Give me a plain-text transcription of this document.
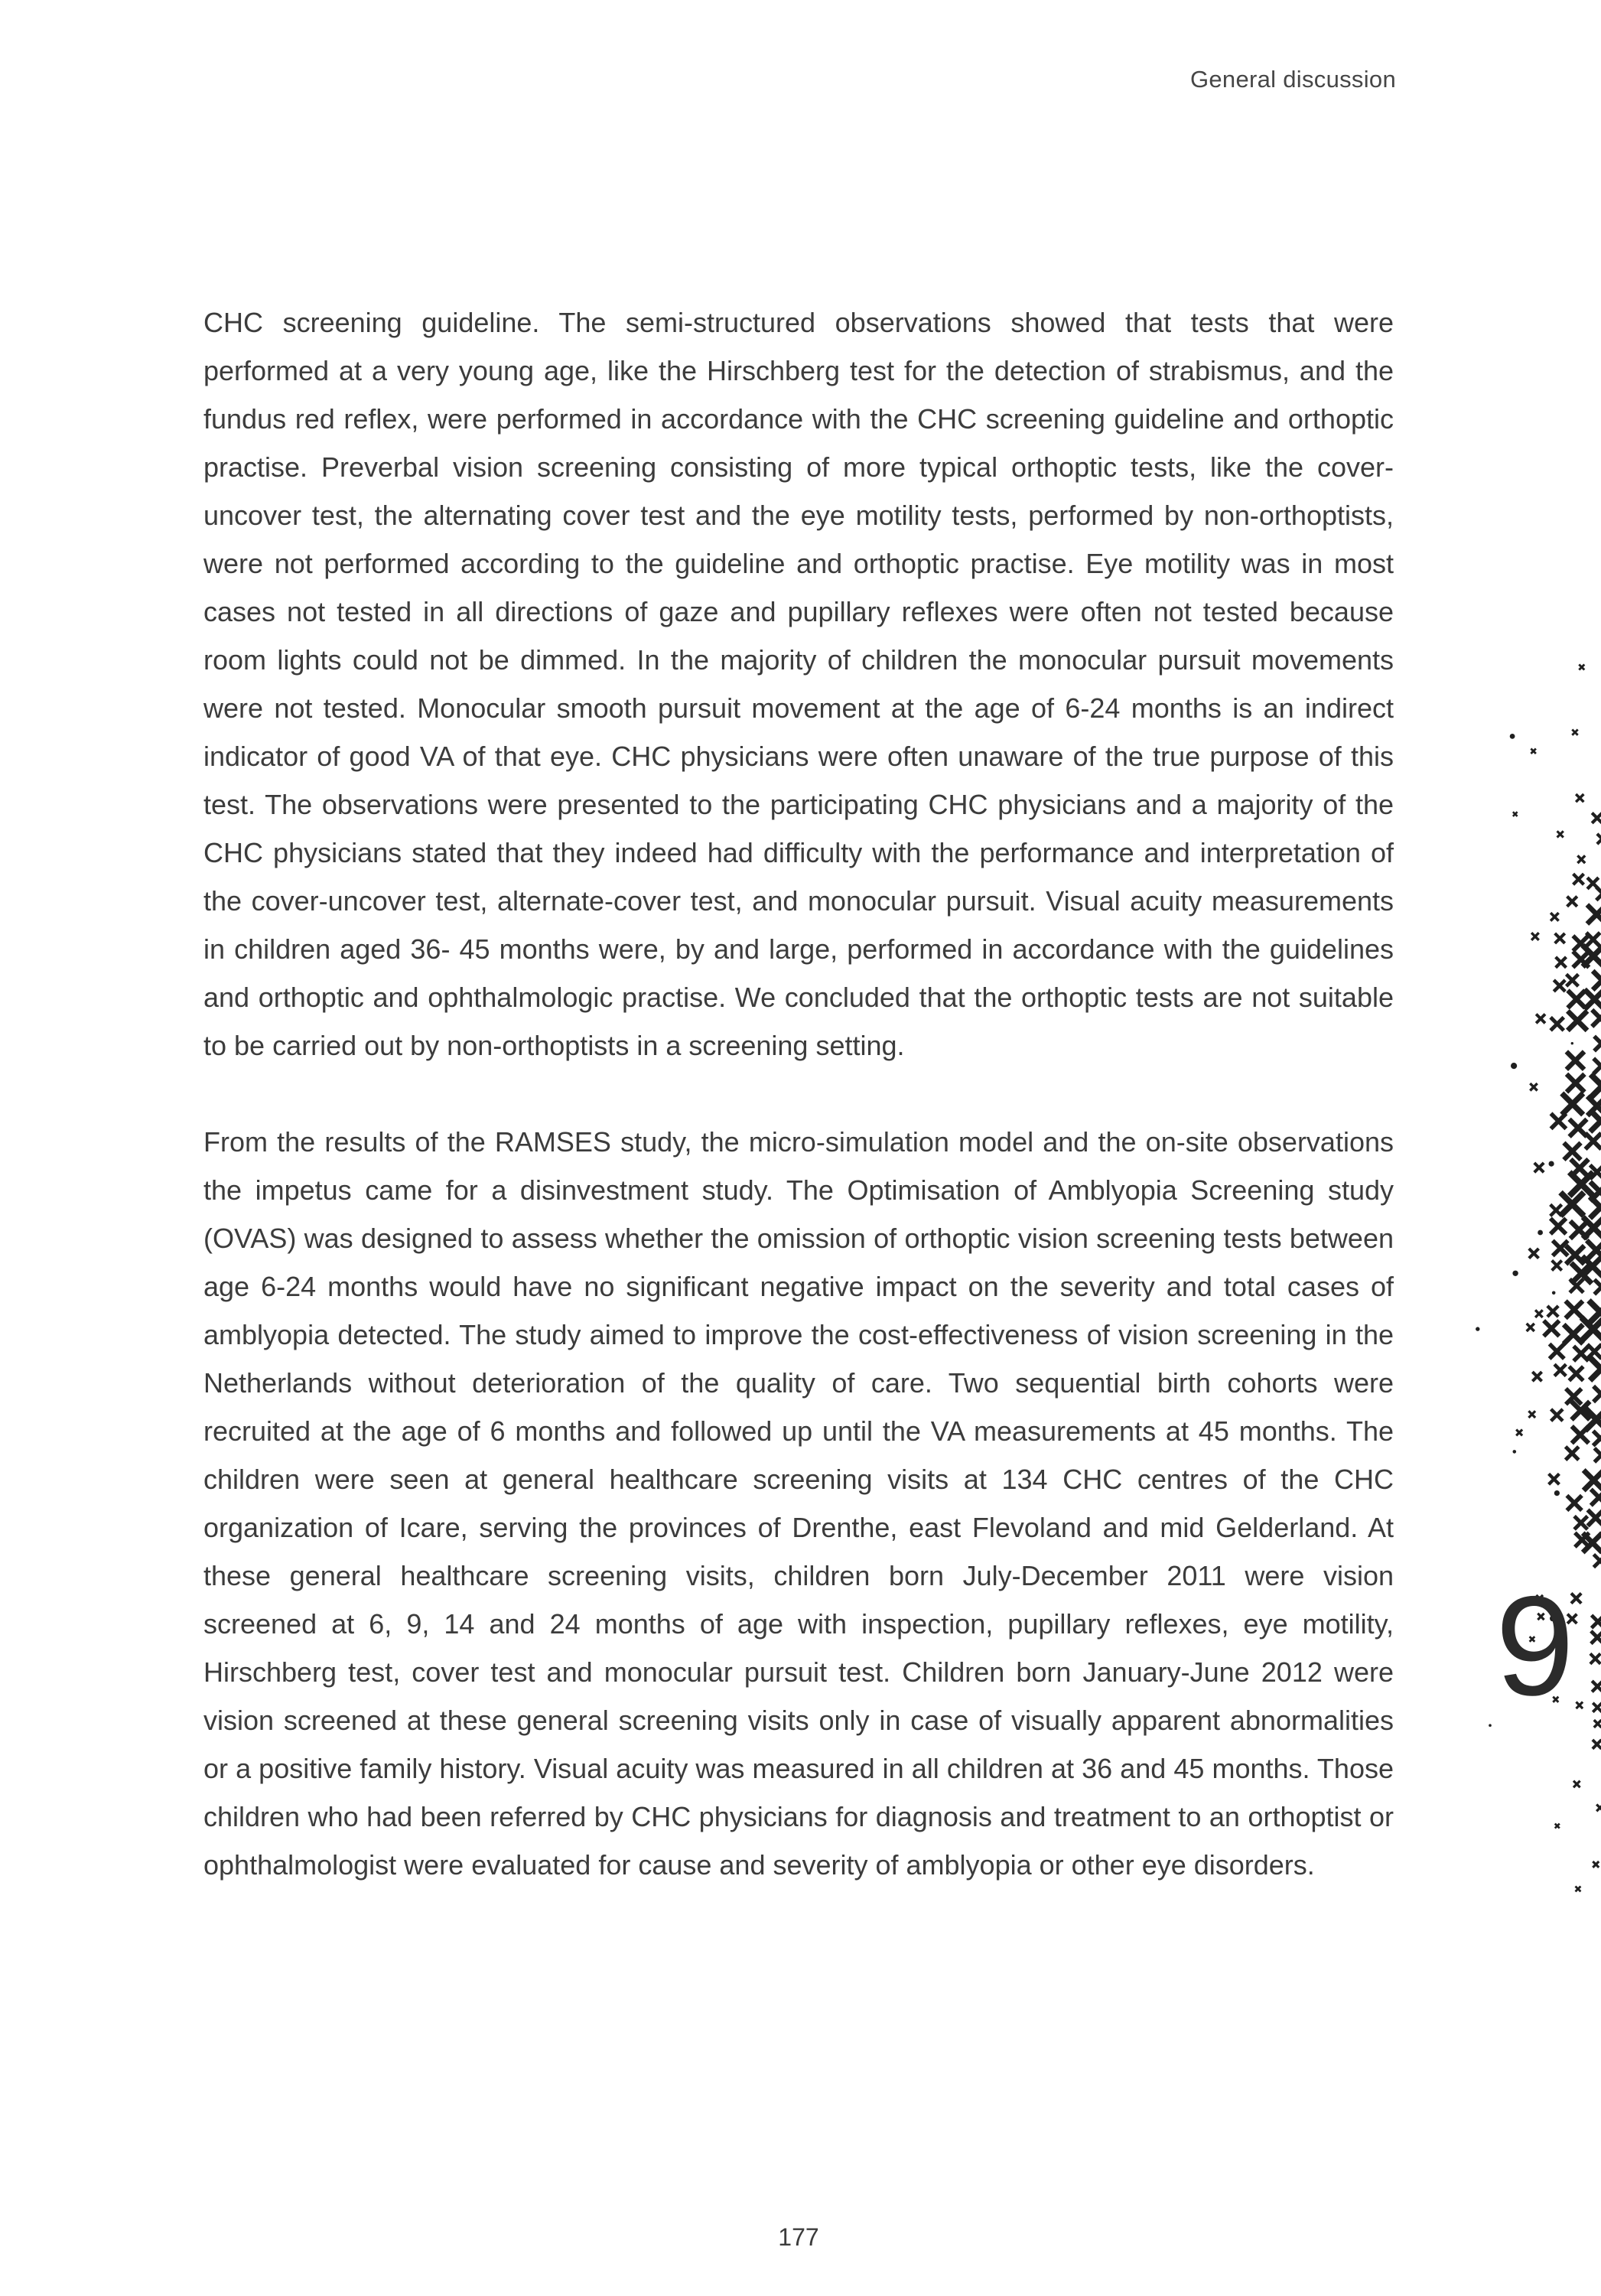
General discussion

CHC screening guideline. The semi-structured observations showed that tests that were performed at a very young age, like the Hirschberg test for the detection of strabismus, and the fundus red reflex, were performed in accordance with the CHC screening guideline and orthoptic practise. Preverbal vision screening consisting of more typical orthoptic tests, like the cover-uncover test, the alternating cover test and the eye motility tests, performed by non-orthoptists, were not performed according to the guideline and orthoptic practise. Eye motility was in most cases not tested in all directions of gaze and pupillary reflexes were often not tested because room lights could not be dimmed. In the majority of children the monocular pursuit movements were not tested. Monocular smooth pursuit movement at the age of 6-24 months is an indirect indicator of good VA of that eye. CHC physicians were often unaware of the true purpose of this test. The observations were presented to the participating CHC physicians and a majority of the CHC physicians stated that they indeed had difficulty with the performance and interpretation of the cover-uncover test, alternate-cover test, and monocular pursuit. Visual acuity measurements in children aged 36- 45 months were, by and large, performed in accordance with the guidelines and orthoptic and ophthalmologic practise. We concluded that the orthoptic tests are not suitable to be carried out by non-orthoptists in a screening setting.

From the results of the RAMSES study, the micro-simulation model and the on-site observations the impetus came for a disinvestment study. The Optimisation of Amblyopia Screening study (OVAS) was designed to assess whether the omission of orthoptic vision screening tests between age 6-24 months would have no significant negative impact on the severity and total cases of amblyopia detected. The study aimed to improve the cost-effectiveness of vision screening in the Netherlands without deterioration of the quality of care. Two sequential birth cohorts were recruited at the age of 6 months and followed up until the VA measurements at 45 months. The children were seen at general healthcare screening visits at 134 CHC centres of the CHC organization of Icare, serving the provinces of Drenthe, east Flevoland and mid Gelderland. At these general healthcare screening visits, children born July-December 2011 were vision screened at 6, 9, 14 and 24 months of age with inspection, pupillary reflexes, eye motility, Hirschberg test, cover test and monocular pursuit test. Children born January-June 2012 were vision screened at these general screening visits only in case of visually apparent abnormalities or a positive family history. Visual acuity was measured in all children at 36 and 45 months. Those children who had been referred by CHC physicians for diagnosis and treatment to an orthoptist or ophthalmologist were evaluated for cause and severity of amblyopia or other eye disorders.

9
177
